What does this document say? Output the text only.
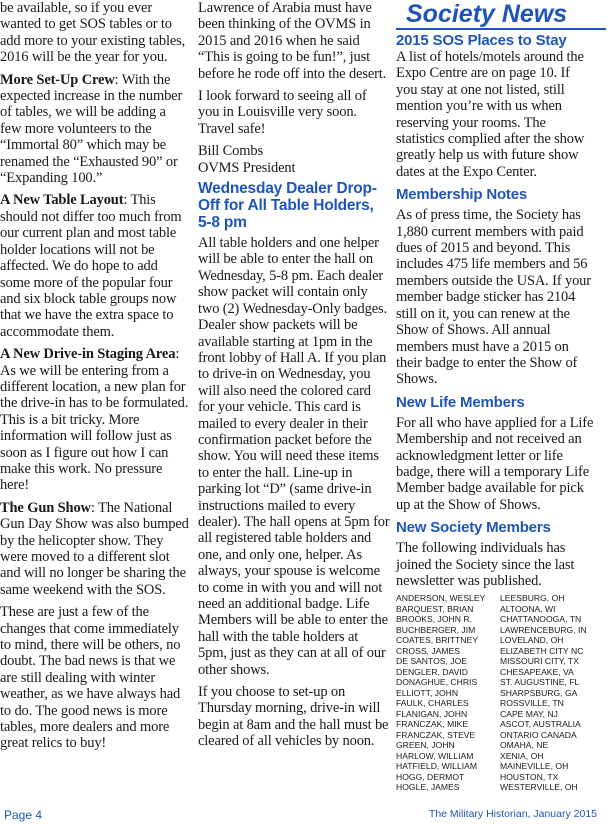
Society News

be available, so if you ever wanted to get SOS tables or to add more to your existing tables, 2016 will be the year for you.

More Set-Up Crew: With the expected increase in the number of tables, we will be adding a few more volunteers to the “Immortal 80” which may be renamed the “Exhausted 90” or “Expanding 100.”

A New Table Layout: This should not differ too much from our current plan and most table holder locations will not be affected. We do hope to add some more of the popular four and six block table groups now that we have the extra space to accommodate them.

A New Drive-in Staging Area: As we will be entering from a different location, a new plan for the drive-in has to be formulated. This is a bit tricky. More information will follow just as soon as I figure out how I can make this work. No pressure here!

The Gun Show: The National Gun Day Show was also bumped by the helicopter show. They were moved to a different slot and will no longer be sharing the same weekend with the SOS.

These are just a few of the changes that come immediately to mind, there will be others, no doubt. The bad news is that we are still dealing with winter weather, as we have always had to do. The good news is more tables, more dealers and more great relics to buy!

Lawrence of Arabia must have been thinking of the OVMS in 2015 and 2016 when he said “This is going to be fun!”, just before he rode off into the desert.

I look forward to seeing all of you in Louisville very soon. Travel safe!

Bill Combs
OVMS President

Wednesday Dealer Drop-Off for All Table Holders, 5-8 pm

All table holders and one helper will be able to enter the hall on Wednesday, 5-8 pm. Each dealer show packet will contain only two (2) Wednesday-Only badges. Dealer show packets will be available starting at 1pm in the front lobby of Hall A. If you plan to drive-in on Wednesday, you will also need the colored card for your vehicle. This card is mailed to every dealer in their confirmation packet before the show. You will need these items to enter the hall. Line-up in parking lot “D” (same drive-in instructions mailed to every dealer). The hall opens at 5pm for all registered table holders and one, and only one, helper. As always, your spouse is welcome to come in with you and will not need an additional badge. Life Members will be able to enter the hall with the table holders at 5pm, just as they can at all of our other shows.

If you choose to set-up on Thursday morning, drive-in will begin at 8am and the hall must be cleared of all vehicles by noon.

2015 SOS Places to Stay

A list of hotels/motels around the Expo Centre are on page 10. If you stay at one not listed, still mention you’re with us when reserving your rooms. The statistics complied after the show greatly help us with future show dates at the Expo Center.

Membership Notes

As of press time, the Society has 1,880 current members with paid dues of 2015 and beyond. This includes 475 life members and 56 members outside the USA. If your member badge sticker has 2104 still on it, you can renew at the Show of Shows. All annual members must have a 2015 on their badge to enter the Show of Shows.

New Life Members

For all who have applied for a Life Membership and not received an acknowledgment letter or life badge, there will a temporary Life Member badge available for pick up at the Show of Shows.

New Society Members

The following individuals has joined the Society since the last newsletter was published.

ANDERSON, WESLEY	LEESBURG, OH
BARQUEST, BRIAN	ALTOONA, WI
BROOKS, JOHN R.	CHATTANOOGA, TN
BUCHBERGER, JIM	LAWRENCEBURG, IN
COATES, BRITTNEY	LOVELAND, OH
CROSS, JAMES	ELIZABETH CITY NC
DE SANTOS, JOE	MISSOURI CITY, TX
DENGLER, DAVID	CHESAPEAKE, VA
DONAGHUE, CHRIS	ST. AUGUSTINE, FL
ELLIOTT, JOHN	SHARPSBURG, GA
FAULK, CHARLES	ROSSVILLE, TN
FLANIGAN, JOHN	CAPE MAY, NJ
FRANCZAK, MIKE	ASCOT, AUSTRALIA
FRANCZAK, STEVE	ONTARIO CANADA
GREEN, JOHN	OMAHA, NE
HARLOW, WILLIAM	XENIA, OH
HATFIELD, WILLIAM	MAINEVILLE, OH
HOGG, DERMOT	HOUSTON, TX
HOGLE, JAMES	WESTERVILLE, OH
Page 4	The Military Historian, January 2015
